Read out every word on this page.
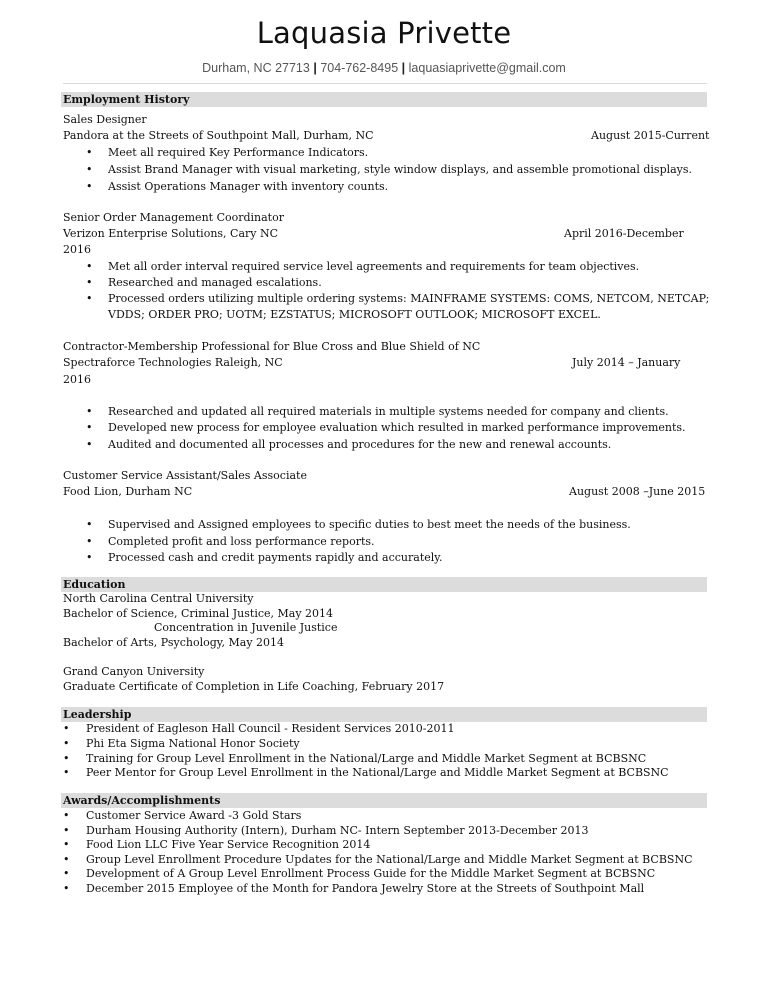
Laquasia Privette
Durham, NC 27713 | 704-762-8495 | laquasiaprivette@gmail.com
Employment History
Sales Designer
Pandora at the Streets of Southpoint Mall, Durham, NC	August 2015-Current
• Meet all required Key Performance Indicators.
• Assist Brand Manager with visual marketing, style window displays, and assemble promotional displays.
• Assist Operations Manager with inventory counts.
Senior Order Management Coordinator
Verizon Enterprise Solutions, Cary NC	April 2016-December
2016
• Met all order interval required service level agreements and requirements for team objectives.
• Researched and managed escalations.
• Processed orders utilizing multiple ordering systems: MAINFRAME SYSTEMS: COMS, NETCOM, NETCAP;
VDDS; ORDER PRO; UOTM; EZSTATUS; MICROSOFT OUTLOOK; MICROSOFT EXCEL.
Contractor-Membership Professional for Blue Cross and Blue Shield of NC
Spectraforce Technologies Raleigh, NC	July 2014 – January
2016
• Researched and updated all required materials in multiple systems needed for company and clients.
• Developed new process for employee evaluation which resulted in marked performance improvements.
• Audited and documented all processes and procedures for the new and renewal accounts.
Customer Service Assistant/Sales Associate
Food Lion, Durham NC	August 2008 –June 2015
• Supervised and Assigned employees to specific duties to best meet the needs of the business.
• Completed profit and loss performance reports.
• Processed cash and credit payments rapidly and accurately.
Education
North Carolina Central University
Bachelor of Science, Criminal Justice, May 2014
Concentration in Juvenile Justice
Bachelor of Arts, Psychology, May 2014
Grand Canyon University
Graduate Certificate of Completion in Life Coaching, February 2017
Leadership
• President of Eagleson Hall Council - Resident Services 2010-2011
• Phi Eta Sigma National Honor Society
• Training for Group Level Enrollment in the National/Large and Middle Market Segment at BCBSNC
• Peer Mentor for Group Level Enrollment in the National/Large and Middle Market Segment at BCBSNC
Awards/Accomplishments
• Customer Service Award -3 Gold Stars
• Durham Housing Authority (Intern), Durham NC- Intern September 2013-December 2013
• Food Lion LLC Five Year Service Recognition 2014
• Group Level Enrollment Procedure Updates for the National/Large and Middle Market Segment at BCBSNC
• Development of A Group Level Enrollment Process Guide for the Middle Market Segment at BCBSNC
• December 2015 Employee of the Month for Pandora Jewelry Store at the Streets of Southpoint Mall
